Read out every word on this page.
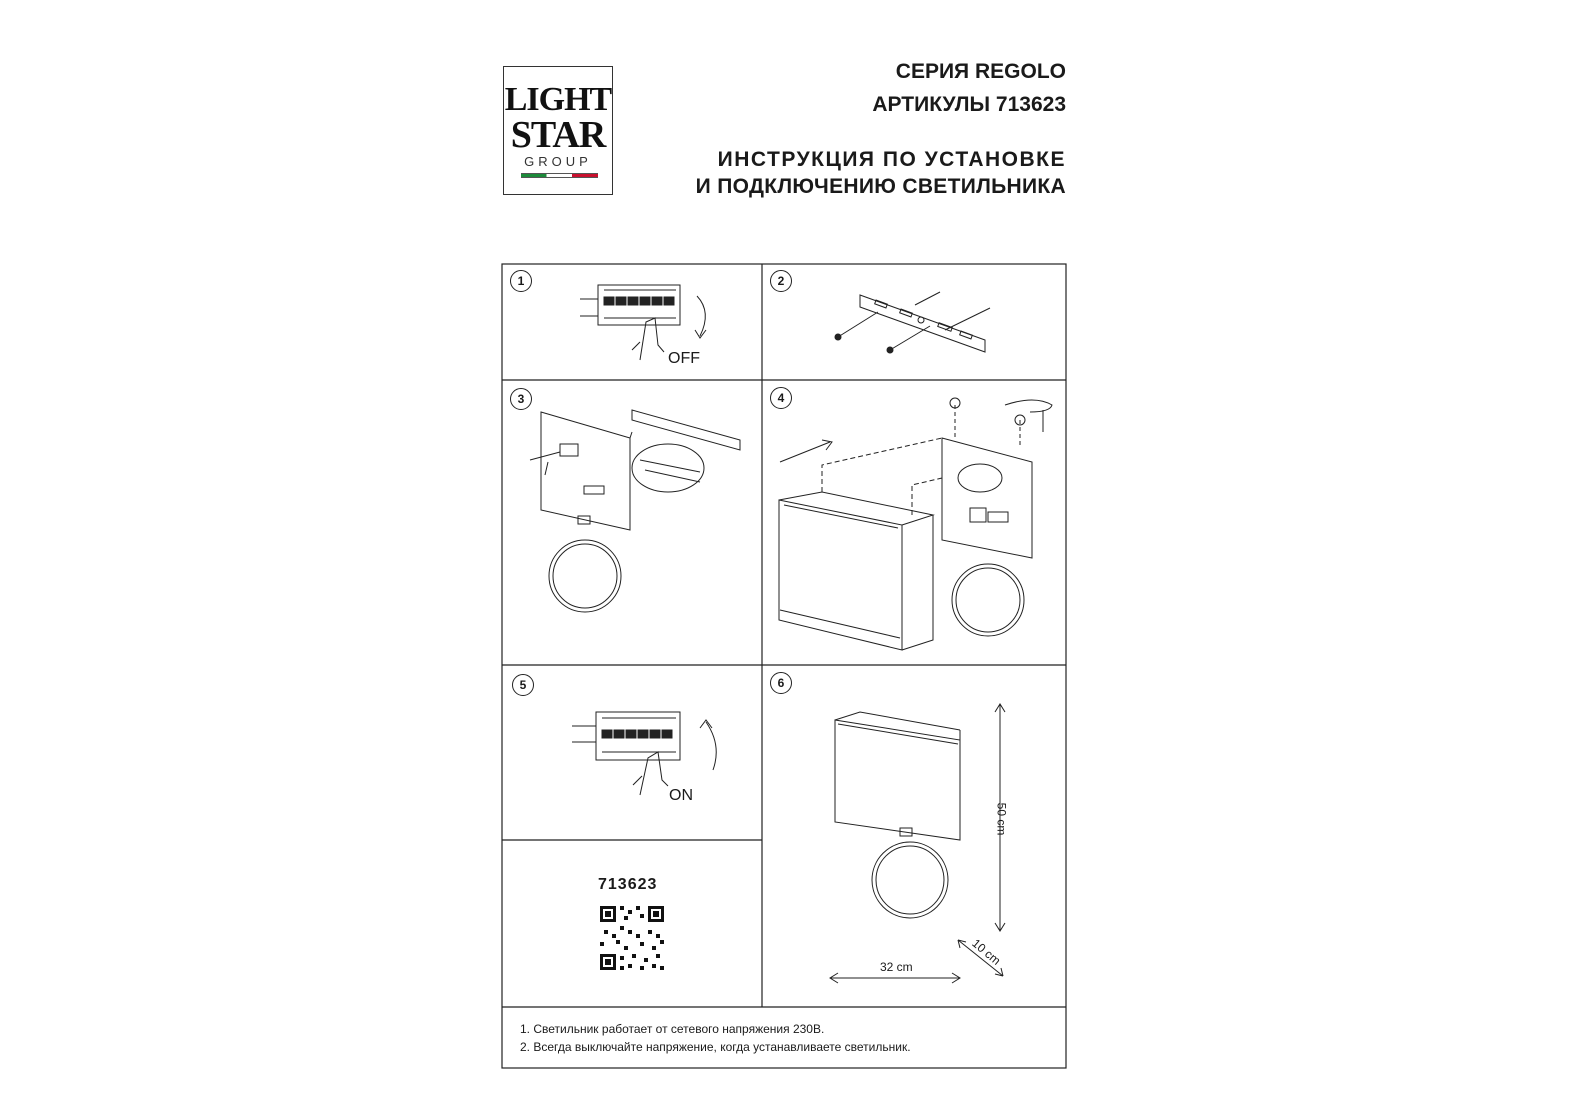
LIGHT
STAR
GROUP
СЕРИЯ REGOLO
АРТИКУЛЫ 713623
ИНСТРУКЦИЯ ПО УСТАНОВКЕ
И ПОДКЛЮЧЕНИЮ СВЕТИЛЬНИКА
1	2
3	4
5	6
OFF
ON
50 cm
32 cm	10 cm
713623
1. Светильник работает от сетевого напряжения 230В.
2. Всегда выключайте напряжение, когда устанавливаете светильник.
